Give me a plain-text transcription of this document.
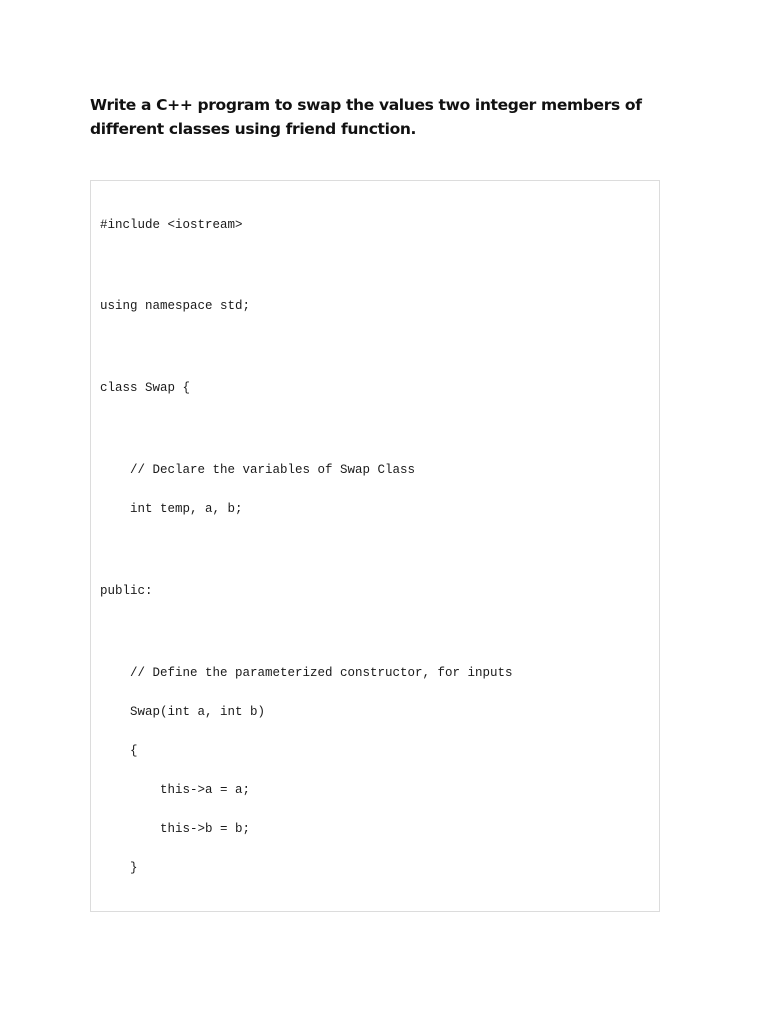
Write a C++ program to swap the values two integer members of different classes using friend function.
#include <iostream>
using namespace std;
class Swap {
// Declare the variables of Swap Class
int temp, a, b;
public:
// Define the parameterized constructor, for inputs
Swap(int a, int b)
{
this->a = a;
this->b = b;
}
